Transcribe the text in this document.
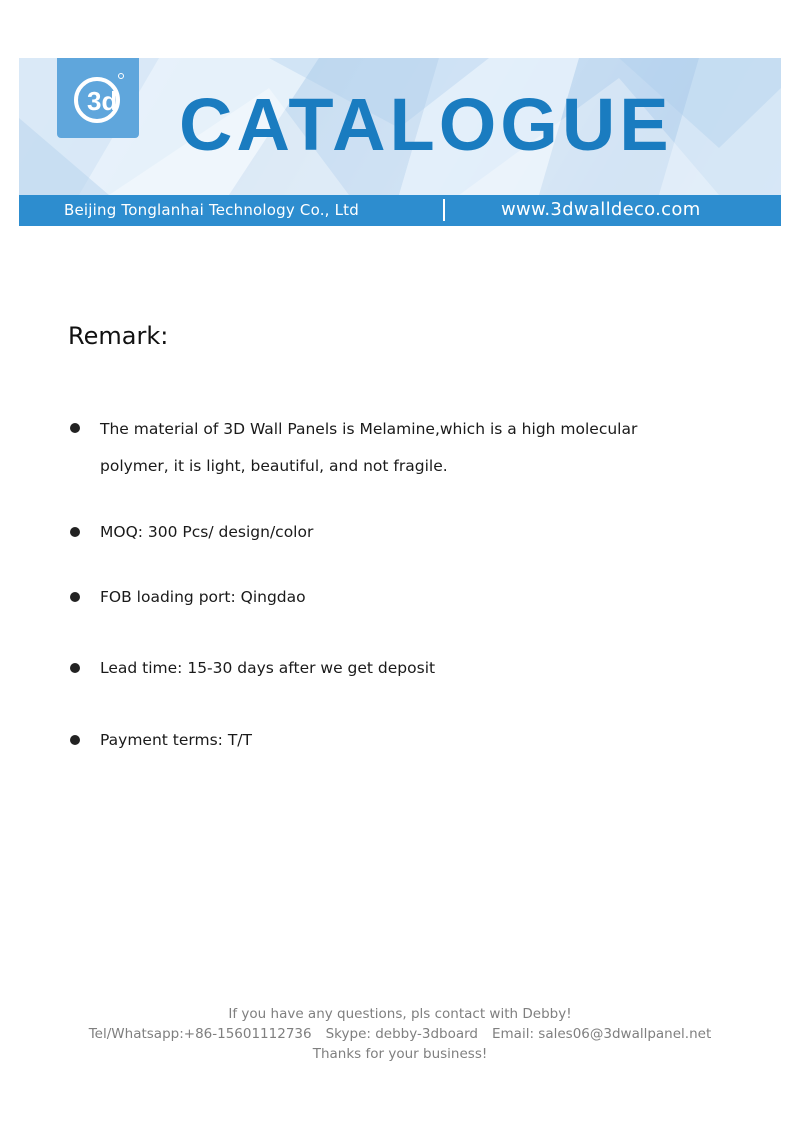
3d CATALOGUE
Beijing Tonglanhai Technology Co., Ltd	www.3dwalldeco.com
Remark:
The material of 3D Wall Panels is Melamine,which is a high molecular polymer, it is light, beautiful, and not fragile.
MOQ: 300 Pcs/ design/color
FOB loading port: Qingdao
Lead time: 15-30 days after we get deposit
Payment terms: T/T
If you have any questions, pls contact with Debby!
Tel/Whatsapp:+86-15601112736 Skype: debby-3dboard Email: sales06@3dwallpanel.net
Thanks for your business!
